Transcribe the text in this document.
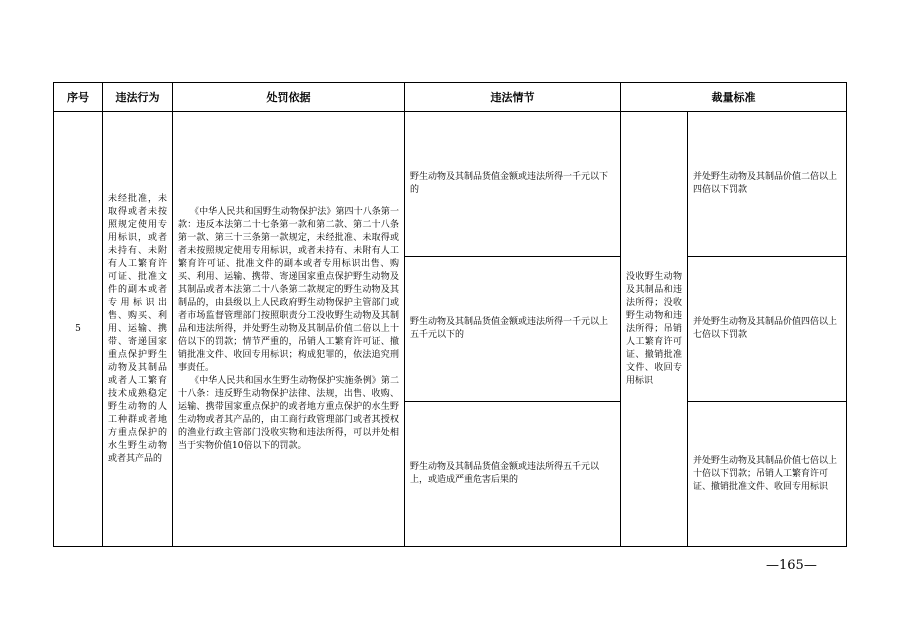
序号	违法行为	处罚依据	违法情节	裁量标准	
5	未经批准，未取得或者未按照规定使用专用标识，或者未持有、未附有人工繁育许可证、批准文件的副本或者专用标识出售、购买、利用、运输、携带、寄递国家重点保护野生动物及其制品或者人工繁育技术成熟稳定野生动物的人工种群或者地方重点保护的水生野生动物或者其产品的	《中华人民共和国野生动物保护法》第四十八条第一款：违反本法第二十七条第一款和第二款、第二十八条第一款、第三十三条第一款规定，未经批准、未取得或者未按照规定使用专用标识，或者未持有、未附有人工繁育许可证、批准文件的副本或者专用标识出售、购买、利用、运输、携带、寄递国家重点保护野生动物及其制品或者本法第二十八条第二款规定的野生动物及其制品的，由县级以上人民政府野生动物保护主管部门或者市场监督管理部门按照职责分工没收野生动物及其制品和违法所得，并处野生动物及其制品价值二倍以上十倍以下的罚款；情节严重的，吊销人工繁育许可证、撤销批准文件、收回专用标识；构成犯罪的，依法追究刑事责任。

《中华人民共和国水生野生动物保护实施条例》第二十八条：违反野生动物保护法律、法规，出售、收购、运输、携带国家重点保护的或者地方重点保护的水生野生动物或者其产品的，由工商行政管理部门或者其授权的渔业行政主管部门没收实物和违法所得，可以并处相当于实物价值10倍以下的罚款。	野生动物及其制品货值金额或违法所得一千元以下的	没收野生动物及其制品和违法所得；没收野生动物和违法所得；吊销人工繁育许可证、撤销批准文件、收回专用标识	并处野生动物及其制品价值二倍以上四倍以下罚款
			野生动物及其制品货值金额或违法所得一千元以上五千元以下的		并处野生动物及其制品价值四倍以上七倍以下罚款
			野生动物及其制品货值金额或违法所得五千元以上，或造成严重危害后果的		并处野生动物及其制品价值七倍以上十倍以下罚款；吊销人工繁育许可证、撤销批准文件、收回专用标识
—165—
